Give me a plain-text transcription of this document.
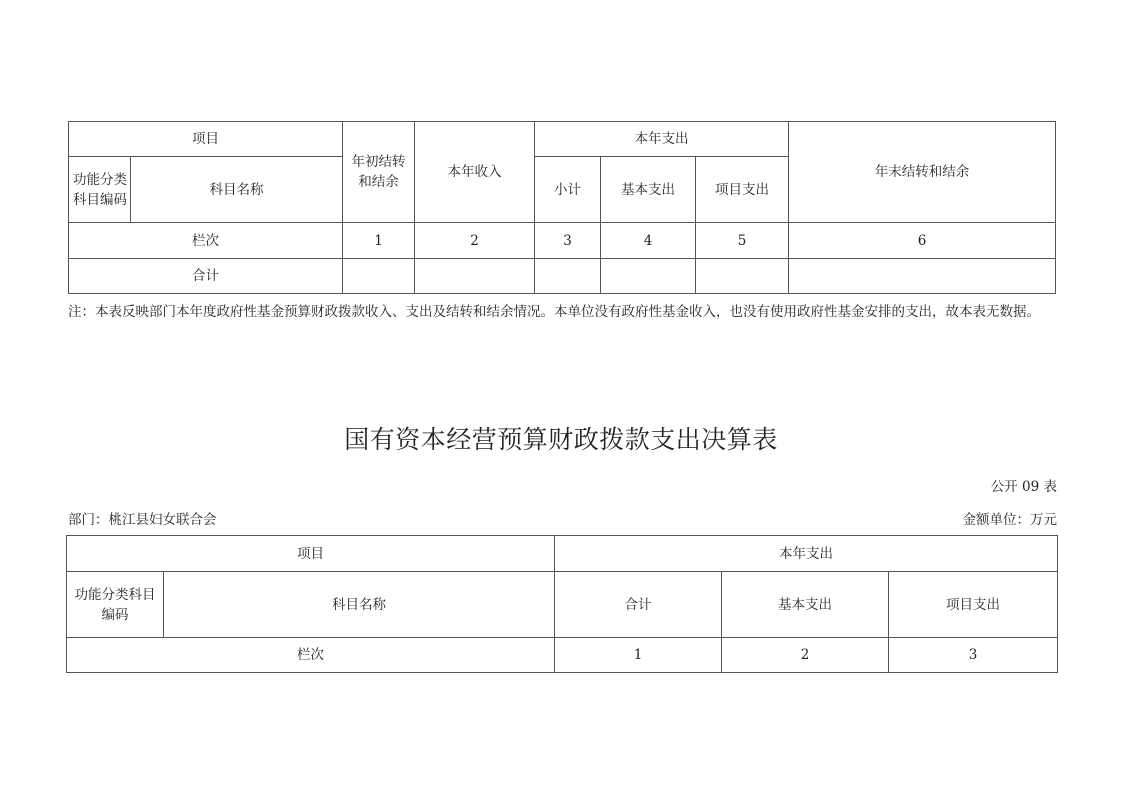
项目		年初结转和结余	本年收入	本年支出			年末结转和结余
功能分类科目编码	科目名称			小计	基本支出	项目支出	
栏次		1	2	3	4	5	6
合计							
注：本表反映部门本年度政府性基金预算财政拨款收入、支出及结转和结余情况。本单位没有政府性基金收入，也没有使用政府性基金安排的支出，故本表无数据。
国有资本经营预算财政拨款支出决算表
公开 09 表
部门：桃江县妇女联合会	金额单位：万元
项目		本年支出		
功能分类科目编码	科目名称	合计	基本支出	项目支出
栏次		1	2	3
